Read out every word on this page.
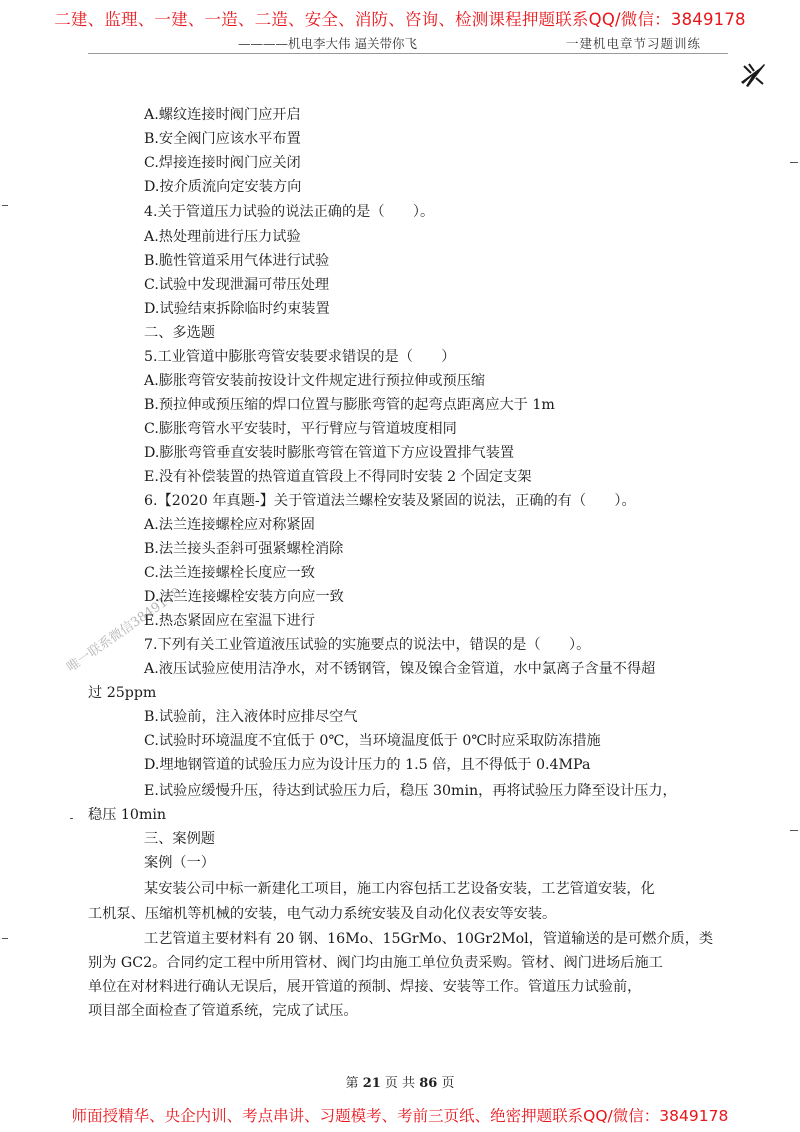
二建、监理、一建、一造、二造、安全、消防、咨询、检测课程押题联系QQ/微信：3849178
————机电李大伟 逼关带你飞	一建机电章节习题训练
唯一联系微信3849178
A.螺纹连接时阀门应开启
B.安全阀门应该水平布置
C.焊接连接时阀门应关闭
D.按介质流向定安装方向
4.关于管道压力试验的说法正确的是（　　）。
A.热处理前进行压力试验
B.脆性管道采用气体进行试验
C.试验中发现泄漏可带压处理
D.试验结束拆除临时约束装置
二、多选题
5.工业管道中膨胀弯管安装要求错误的是（　　）
A.膨胀弯管安装前按设计文件规定进行预拉伸或预压缩
B.预拉伸或预压缩的焊口位置与膨胀弯管的起弯点距离应大于 1m
C.膨胀弯管水平安装时，平行臂应与管道坡度相同
D.膨胀弯管垂直安装时膨胀弯管在管道下方应设置排气装置
E.没有补偿装置的热管道直管段上不得同时安装 2 个固定支架
6.【2020 年真题-】关于管道法兰螺栓安装及紧固的说法，正确的有（　　）。
A.法兰连接螺栓应对称紧固
B.法兰接头歪斜可强紧螺栓消除
C.法兰连接螺栓长度应一致
D.法兰连接螺栓安装方向应一致
E.热态紧固应在室温下进行
7.下列有关工业管道液压试验的实施要点的说法中，错误的是（　　）。
A.液压试验应使用洁净水，对不锈钢管，镍及镍合金管道，水中氯离子含量不得超
过 25ppm
B.试验前，注入液体时应排尽空气
C.试验时环境温度不宜低于 0℃，当环境温度低于 0℃时应采取防冻措施
D.埋地钢管道的试验压力应为设计压力的 1.5 倍，且不得低于 0.4MPa
E.试验应缓慢升压，待达到试验压力后，稳压 30min，再将试验压力降至设计压力，
稳压 10min
三、案例题
案例（一）
某安装公司中标一新建化工项目，施工内容包括工艺设备安装，工艺管道安装，化
工机泵、压缩机等机械的安装，电气动力系统安装及自动化仪表安等安装。
工艺管道主要材料有 20 钢、16Mo、15GrMo、10Gr2Mol，管道输送的是可燃介质，类
别为 GC2。合同约定工程中所用管材、阀门均由施工单位负责采购。管材、阀门进场后施工
单位在对材料进行确认无误后，展开管道的预制、焊接、安装等工作。管道压力试验前，
项目部全面检查了管道系统，完成了试压。
第 21 页 共 86 页
师面授精华、央企内训、考点串讲、习题模考、考前三页纸、绝密押题联系QQ/微信：3849178
